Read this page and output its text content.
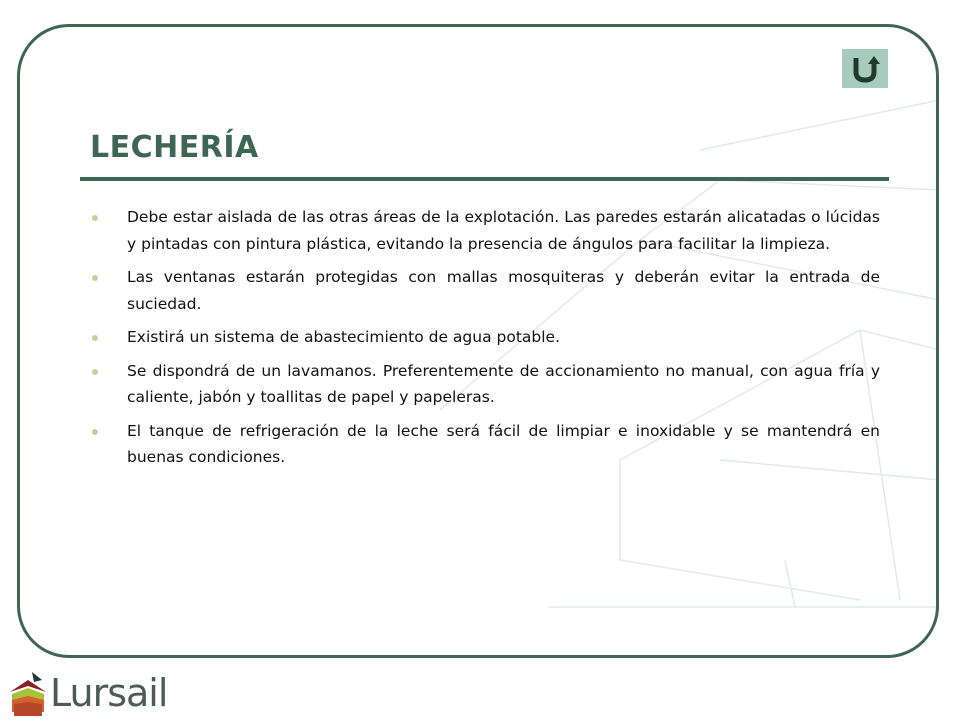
LECHERÍA
Debe estar aislada de las otras áreas de la explotación. Las paredes estarán alicatadas o lúcidas y pintadas con pintura plástica, evitando la presencia de ángulos para facilitar la limpieza.
Las ventanas estarán protegidas con mallas mosquiteras y deberán evitar la entrada de suciedad.
Existirá un sistema de abastecimiento de agua potable.
Se dispondrá de un lavamanos. Preferentemente de accionamiento no manual, con agua fría y caliente, jabón y toallitas de papel y papeleras.
El tanque de refrigeración de la leche será fácil de limpiar e inoxidable y se mantendrá en buenas condiciones.
Lursail
